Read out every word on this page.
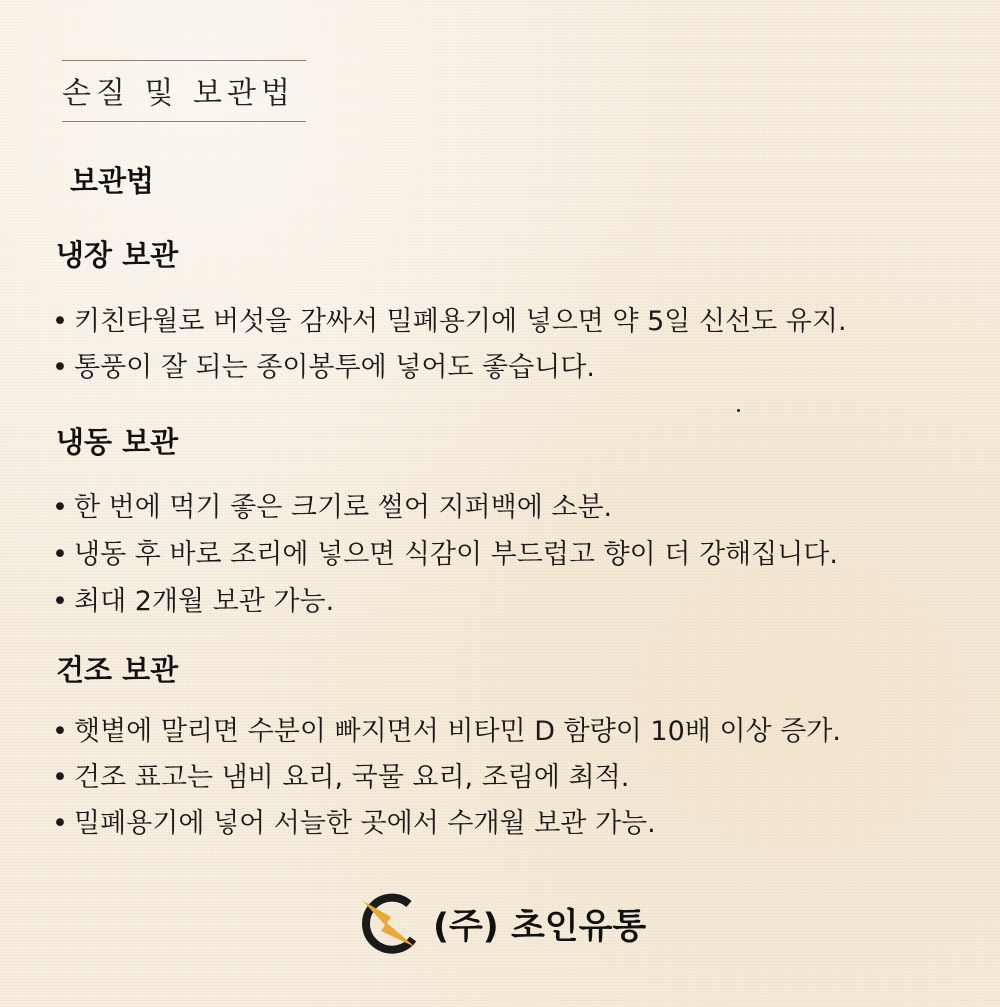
손질 및 보관법
보관법
냉장 보관
• 키친타월로 버섯을 감싸서 밀폐용기에 넣으면 약 5일 신선도 유지.
• 통풍이 잘 되는 종이봉투에 넣어도 좋습니다.
냉동 보관
• 한 번에 먹기 좋은 크기로 썰어 지퍼백에 소분.
• 냉동 후 바로 조리에 넣으면 식감이 부드럽고 향이 더 강해집니다.
• 최대 2개월 보관 가능.
건조 보관
• 햇볕에 말리면 수분이 빠지면서 비타민 D 함량이 10배 이상 증가.
• 건조 표고는 냄비 요리, 국물 요리, 조림에 최적.
• 밀폐용기에 넣어 서늘한 곳에서 수개월 보관 가능.
(주) 초인유통
